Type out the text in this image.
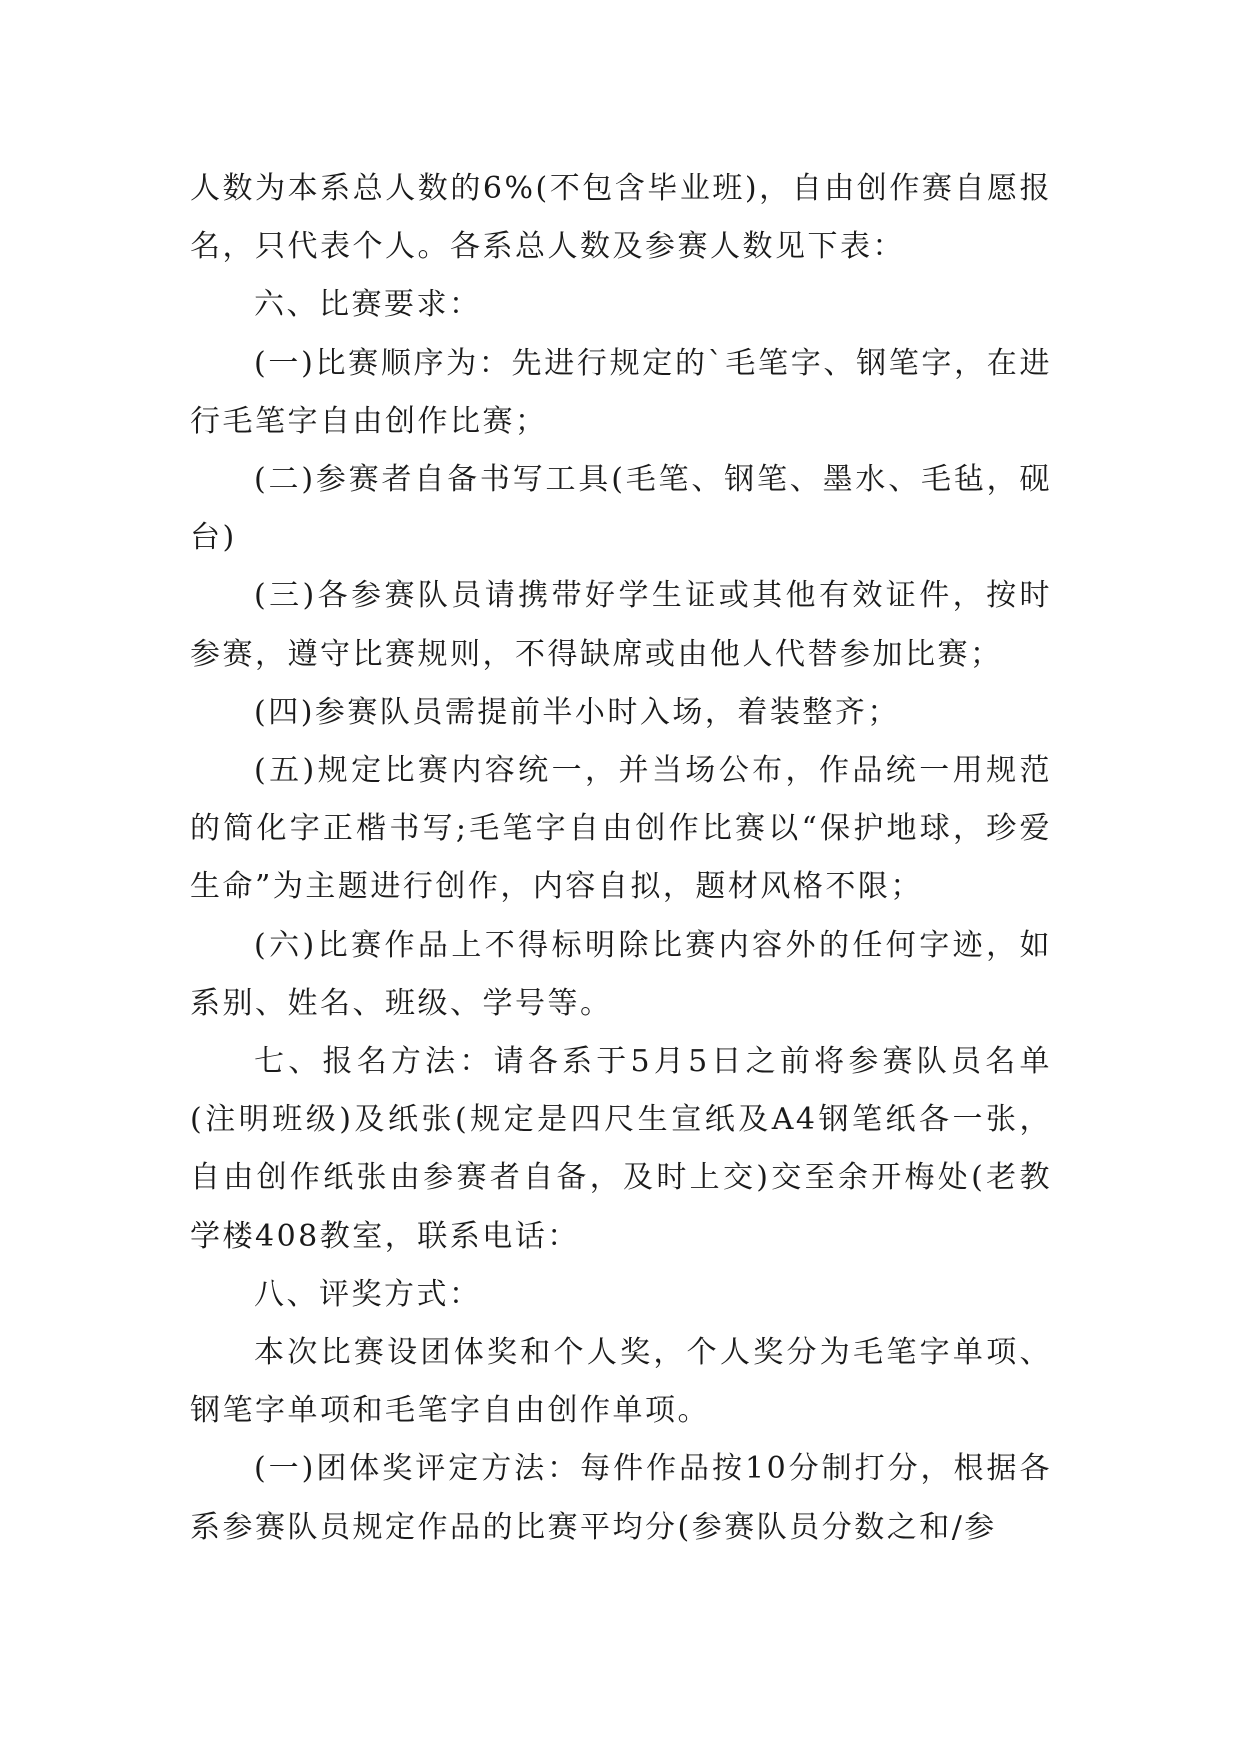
人数为本系总人数的6%(不包含毕业班)，自由创作赛自愿报名，只代表个人。各系总人数及参赛人数见下表：

六、比赛要求：

(一)比赛顺序为：先进行规定的`毛笔字、钢笔字，在进行毛笔字自由创作比赛；

(二)参赛者自备书写工具(毛笔、钢笔、墨水、毛毡，砚台)

(三)各参赛队员请携带好学生证或其他有效证件，按时参赛，遵守比赛规则，不得缺席或由他人代替参加比赛；

(四)参赛队员需提前半小时入场，着装整齐；

(五)规定比赛内容统一，并当场公布，作品统一用规范的简化字正楷书写;毛笔字自由创作比赛以“保护地球，珍爱生命”为主题进行创作，内容自拟，题材风格不限；

(六)比赛作品上不得标明除比赛内容外的任何字迹，如系别、姓名、班级、学号等。

七、报名方法：请各系于5月5日之前将参赛队员名单(注明班级)及纸张(规定是四尺生宣纸及A4钢笔纸各一张，自由创作纸张由参赛者自备，及时上交)交至余开梅处(老教学楼408教室，联系电话：

八、评奖方式：

本次比赛设团体奖和个人奖，个人奖分为毛笔字单项、钢笔字单项和毛笔字自由创作单项。

(一)团体奖评定方法：每件作品按10分制打分，根据各系参赛队员规定作品的比赛平均分(参赛队员分数之和/参
